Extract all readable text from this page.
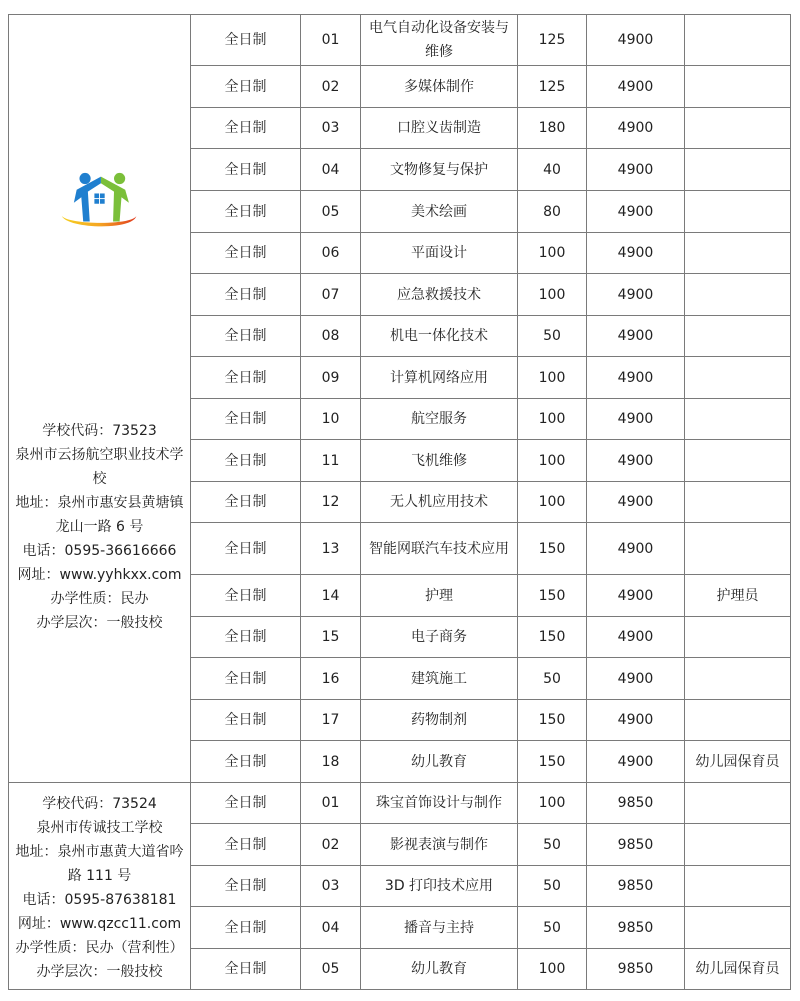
学校代码：73523
泉州市云扬航空职业技术学校
地址：泉州市惠安县黄塘镇龙山一路 6 号
电话：0595-36616666
网址：www.yyhkxx.com
办学性质：民办
办学层次：一般技校
	全日制	01	电气自动化设备安装与维修	125	4900	
	全日制	02	多媒体制作	125	4900	
	全日制	03	口腔义齿制造	180	4900	
	全日制	04	文物修复与保护	40	4900	
	全日制	05	美术绘画	80	4900	
	全日制	06	平面设计	100	4900	
	全日制	07	应急救援技术	100	4900	
	全日制	08	机电一体化技术	50	4900	
	全日制	09	计算机网络应用	100	4900	
	全日制	10	航空服务	100	4900	
	全日制	11	飞机维修	100	4900	
	全日制	12	无人机应用技术	100	4900	
	全日制	13	智能网联汽车技术应用	150	4900	
	全日制	14	护理	150	4900	护理员
	全日制	15	电子商务	150	4900	
	全日制	16	建筑施工	50	4900	
	全日制	17	药物制剂	150	4900	
	全日制	18	幼儿教育	150	4900	幼儿园保育员

学校代码：73524
泉州市传诚技工学校
地址：泉州市惠黄大道省吟路 111 号
电话：0595-87638181
网址：www.qzcc11.com
办学性质：民办（营利性）
办学层次：一般技校
	全日制	01	珠宝首饰设计与制作	100	9850	
	全日制	02	影视表演与制作	50	9850	
	全日制	03	3D 打印技术应用	50	9850	
	全日制	04	播音与主持	50	9850	
	全日制	05	幼儿教育	100	9850	幼儿园保育员
